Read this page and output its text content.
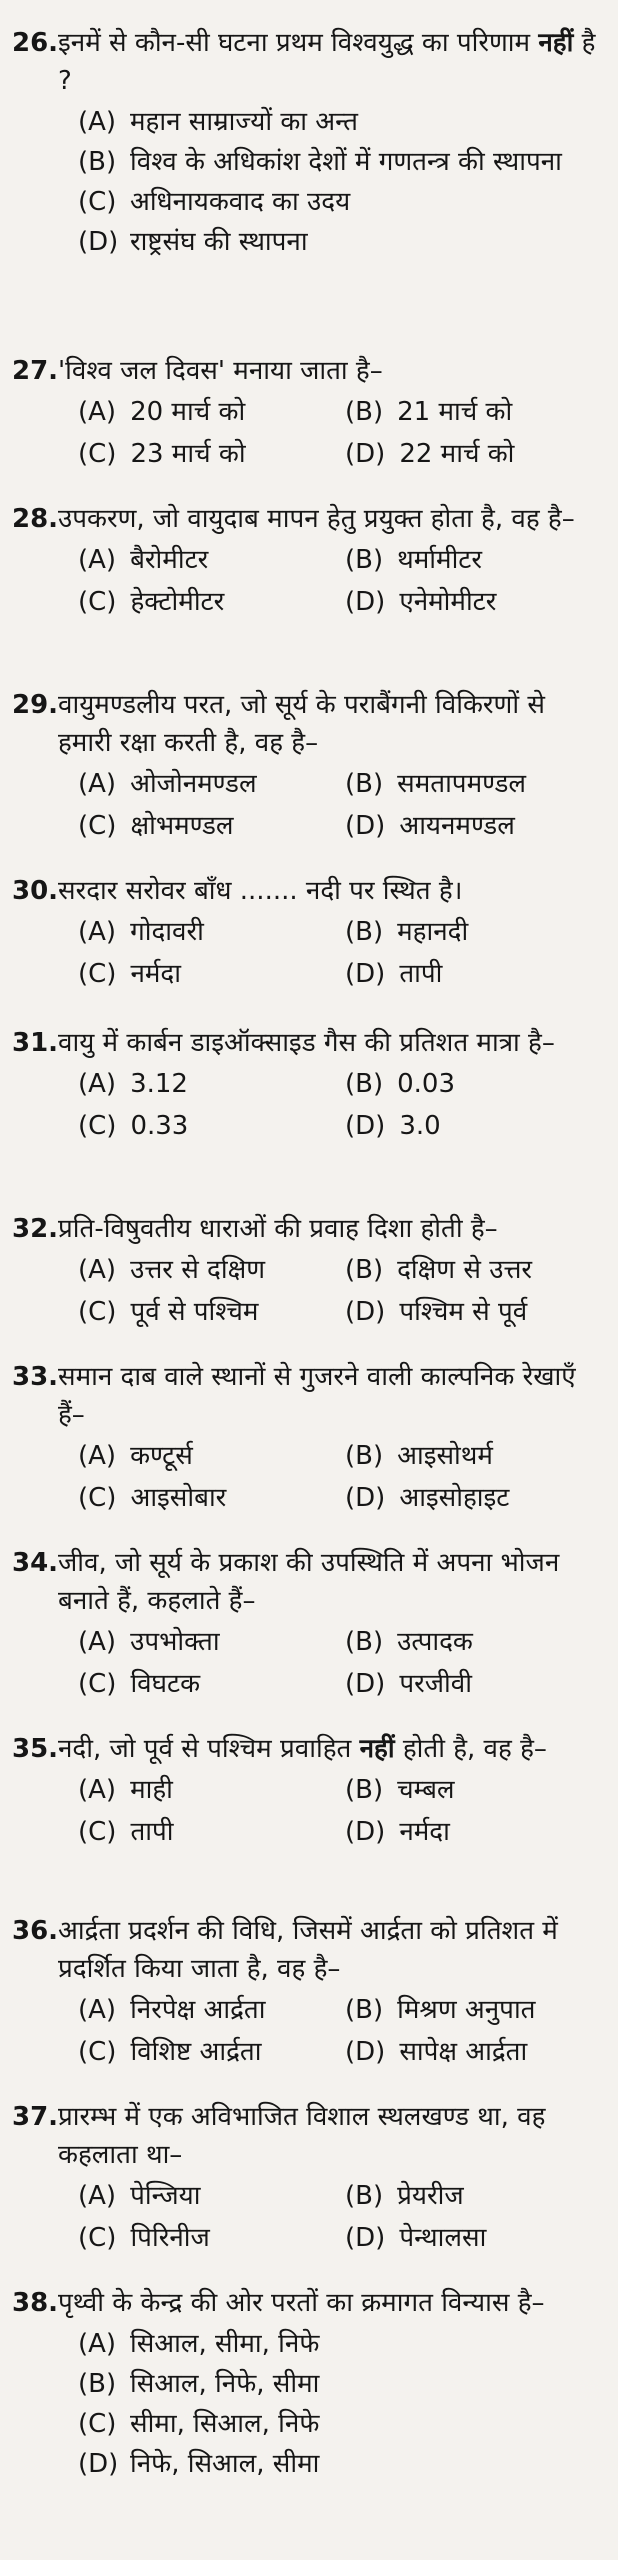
26. इनमें से कौन-सी घटना प्रथम विश्वयुद्ध का परिणाम नहीं है ?
(A) महान साम्राज्यों का अन्त
(B) विश्व के अधिकांश देशों में गणतन्त्र की स्थापना
(C) अधिनायकवाद का उदय
(D) राष्ट्रसंघ की स्थापना
27. 'विश्व जल दिवस' मनाया जाता है–
(A) 20 मार्च को	(B) 21 मार्च को
(C) 23 मार्च को	(D) 22 मार्च को
28. उपकरण, जो वायुदाब मापन हेतु प्रयुक्त होता है, वह है–
(A) बैरोमीटर	(B) थर्मामीटर
(C) हेक्टोमीटर	(D) एनेमोमीटर
29. वायुमण्डलीय परत, जो सूर्य के पराबैंगनी विकिरणों से हमारी रक्षा करती है, वह है–
(A) ओजोनमण्डल	(B) समतापमण्डल
(C) क्षोभमण्डल	(D) आयनमण्डल
30. सरदार सरोवर बाँध ....... नदी पर स्थित है।
(A) गोदावरी	(B) महानदी
(C) नर्मदा	(D) तापी
31. वायु में कार्बन डाइऑक्साइड गैस की प्रतिशत मात्रा है–
(A) 3.12	(B) 0.03
(C) 0.33	(D) 3.0
32. प्रति-विषुवतीय धाराओं की प्रवाह दिशा होती है–
(A) उत्तर से दक्षिण	(B) दक्षिण से उत्तर
(C) पूर्व से पश्चिम	(D) पश्चिम से पूर्व
33. समान दाब वाले स्थानों से गुजरने वाली काल्पनिक रेखाएँ हैं–
(A) कण्टूर्स	(B) आइसोथर्म
(C) आइसोबार	(D) आइसोहाइट
34. जीव, जो सूर्य के प्रकाश की उपस्थिति में अपना भोजन बनाते हैं, कहलाते हैं–
(A) उपभोक्ता	(B) उत्पादक
(C) विघटक	(D) परजीवी
35. नदी, जो पूर्व से पश्चिम प्रवाहित नहीं होती है, वह है–
(A) माही	(B) चम्बल
(C) तापी	(D) नर्मदा
36. आर्द्रता प्रदर्शन की विधि, जिसमें आर्द्रता को प्रतिशत में प्रदर्शित किया जाता है, वह है–
(A) निरपेक्ष आर्द्रता	(B) मिश्रण अनुपात
(C) विशिष्ट आर्द्रता	(D) सापेक्ष आर्द्रता
37. प्रारम्भ में एक अविभाजित विशाल स्थलखण्ड था, वह कहलाता था–
(A) पेन्जिया	(B) प्रेयरीज
(C) पिरिनीज	(D) पेन्थालसा
38. पृथ्वी के केन्द्र की ओर परतों का क्रमागत विन्यास है–
(A) सिआल, सीमा, निफे
(B) सिआल, निफे, सीमा
(C) सीमा, सिआल, निफे
(D) निफे, सिआल, सीमा
